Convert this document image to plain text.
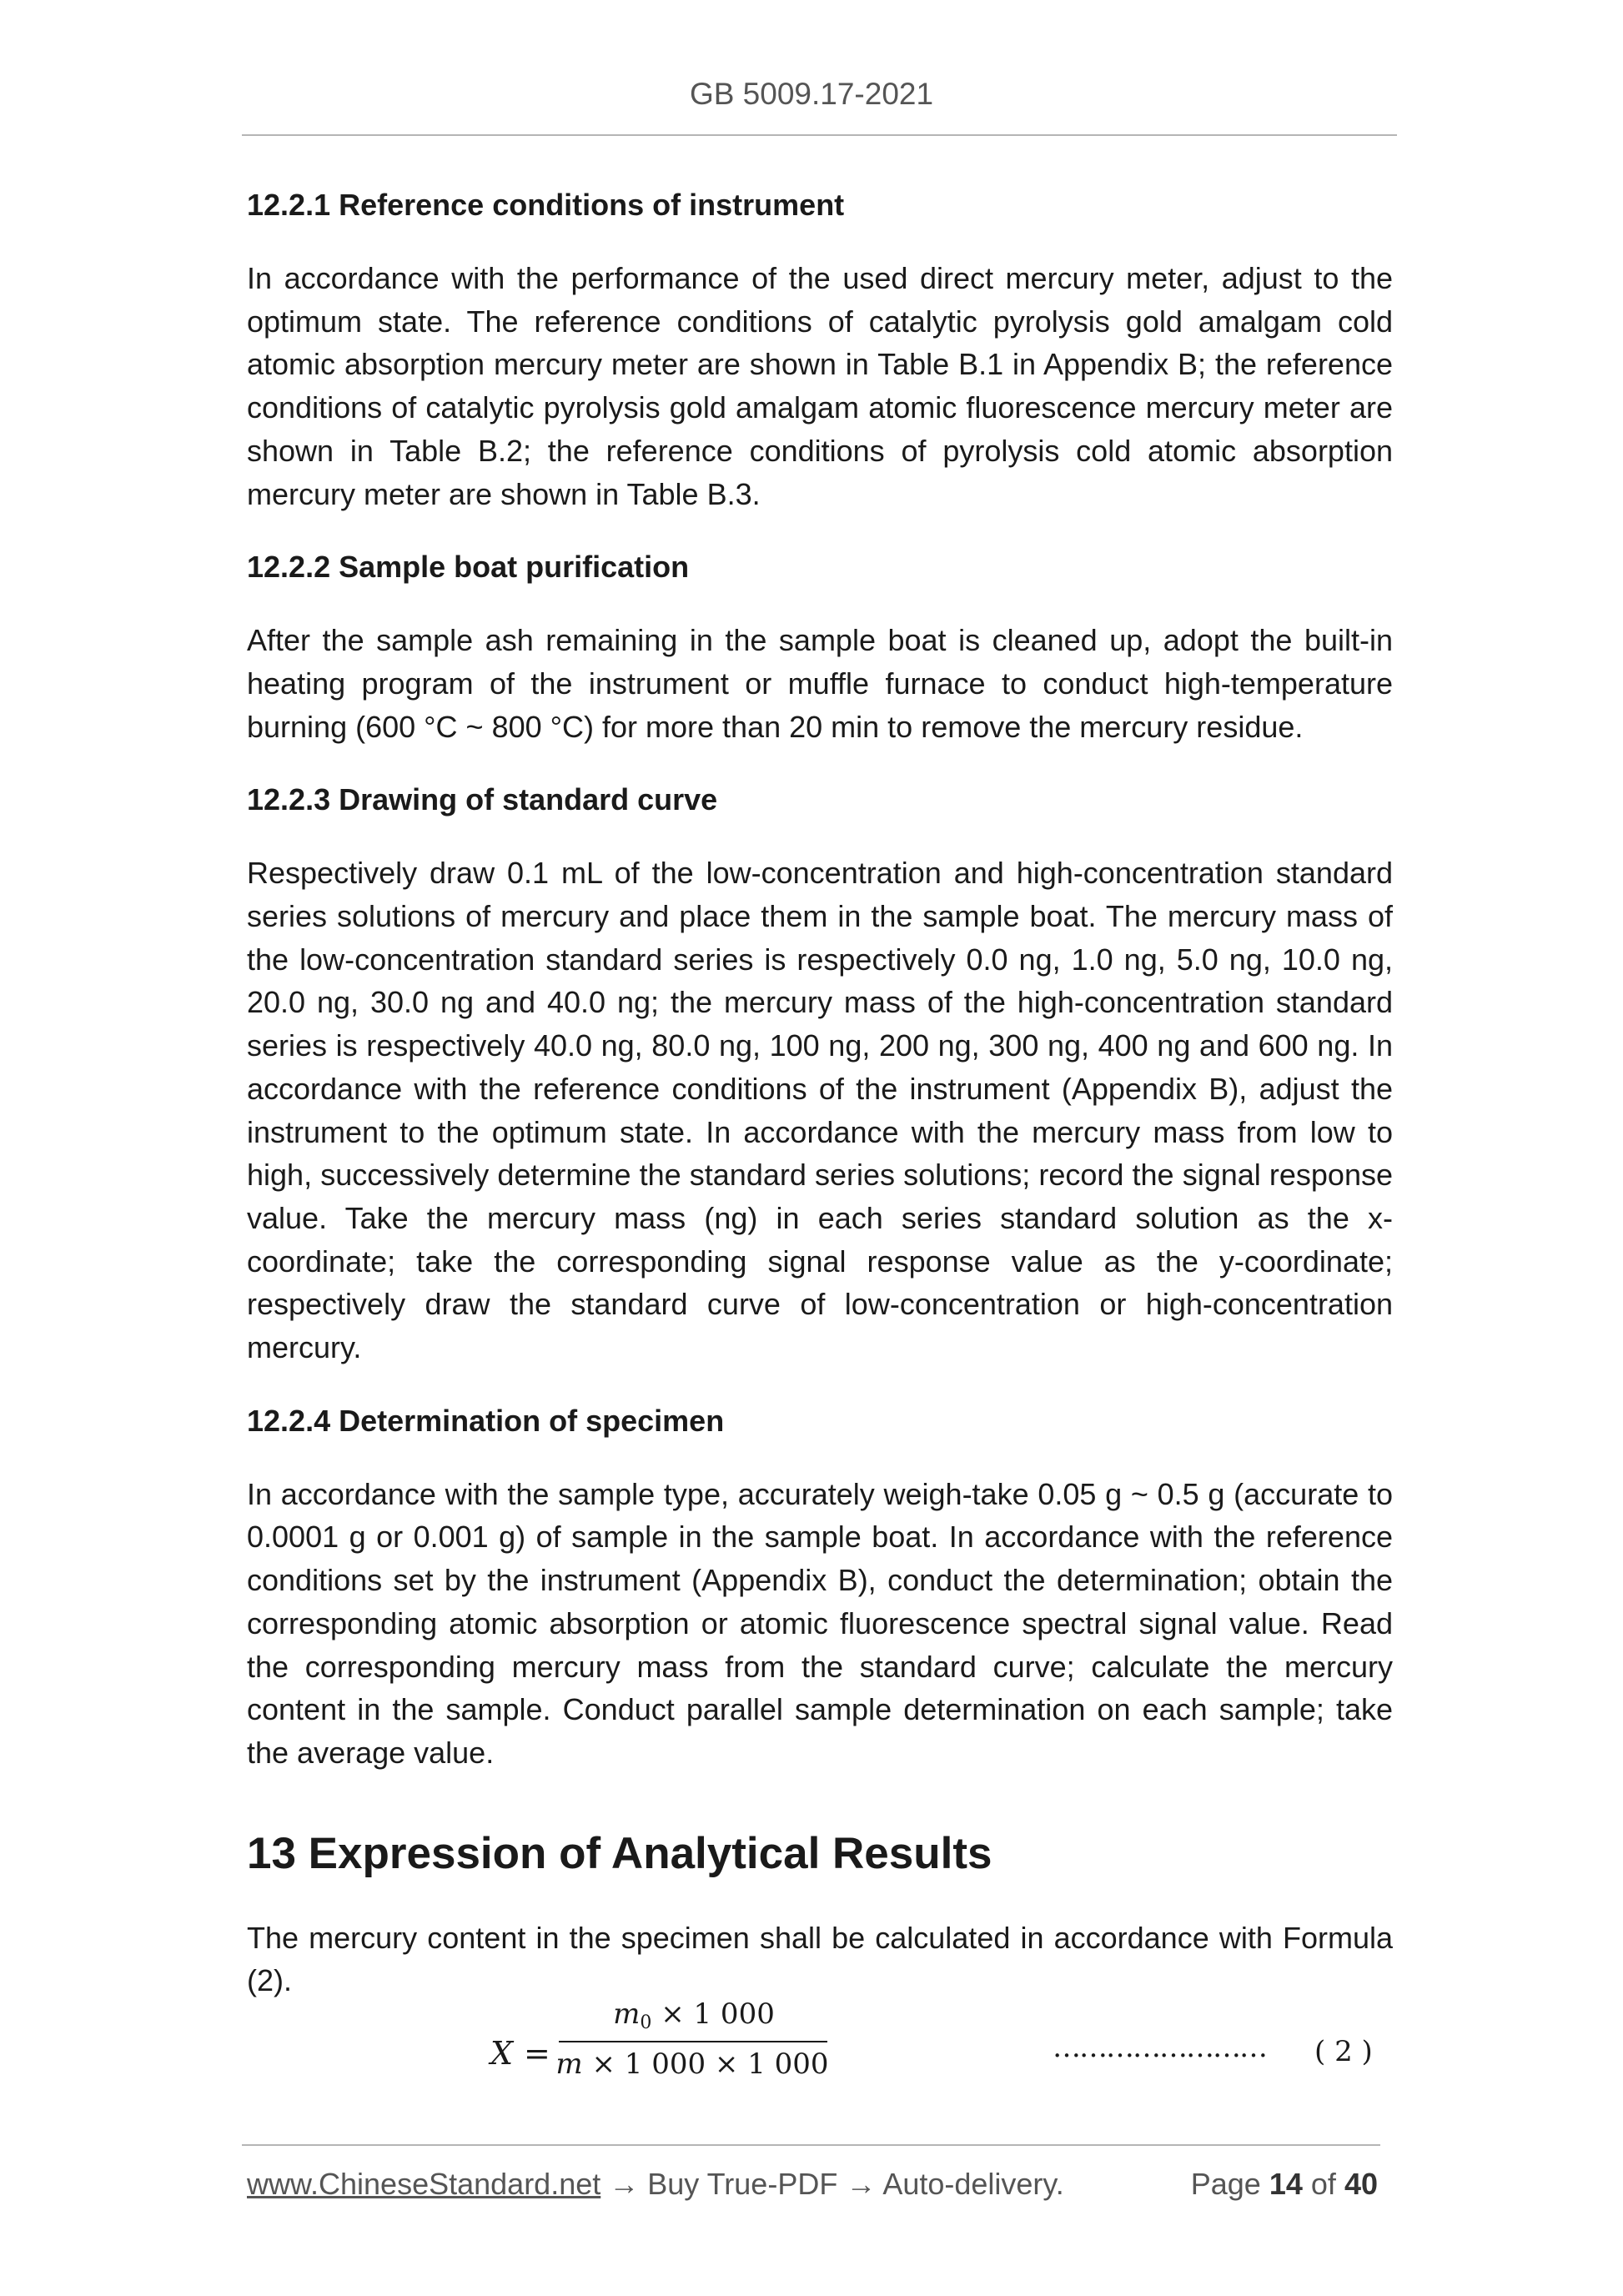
GB 5009.17-2021
12.2.1 Reference conditions of instrument
In accordance with the performance of the used direct mercury meter, adjust to the optimum state. The reference conditions of catalytic pyrolysis gold amalgam cold atomic absorption mercury meter are shown in Table B.1 in Appendix B; the reference conditions of catalytic pyrolysis gold amalgam atomic fluorescence mercury meter are shown in Table B.2; the reference conditions of pyrolysis cold atomic absorption mercury meter are shown in Table B.3.
12.2.2 Sample boat purification
After the sample ash remaining in the sample boat is cleaned up, adopt the built-in heating program of the instrument or muffle furnace to conduct high-temperature burning (600 °C ~ 800 °C) for more than 20 min to remove the mercury residue.
12.2.3 Drawing of standard curve
Respectively draw 0.1 mL of the low-concentration and high-concentration standard series solutions of mercury and place them in the sample boat. The mercury mass of the low-concentration standard series is respectively 0.0 ng, 1.0 ng, 5.0 ng, 10.0 ng, 20.0 ng, 30.0 ng and 40.0 ng; the mercury mass of the high-concentration standard series is respectively 40.0 ng, 80.0 ng, 100 ng, 200 ng, 300 ng, 400 ng and 600 ng. In accordance with the reference conditions of the instrument (Appendix B), adjust the instrument to the optimum state. In accordance with the mercury mass from low to high, successively determine the standard series solutions; record the signal response value. Take the mercury mass (ng) in each series standard solution as the x-coordinate; take the corresponding signal response value as the y-coordinate; respectively draw the standard curve of low-concentration or high-concentration mercury.
12.2.4 Determination of specimen
In accordance with the sample type, accurately weigh-take 0.05 g ~ 0.5 g (accurate to 0.0001 g or 0.001 g) of sample in the sample boat. In accordance with the reference conditions set by the instrument (Appendix B), conduct the determination; obtain the corresponding atomic absorption or atomic fluorescence spectral signal value. Read the corresponding mercury mass from the standard curve; calculate the mercury content in the sample. Conduct parallel sample determination on each sample; take the average value.
13 Expression of Analytical Results
The mercury content in the specimen shall be calculated in accordance with Formula (2).
X =
$m_0 \times 1$ 000
m × 1 000 × 1 000	…………………… ( 2 )
www.ChineseStandard.net → Buy True-PDF → Auto-delivery.	Page 14 of 40
